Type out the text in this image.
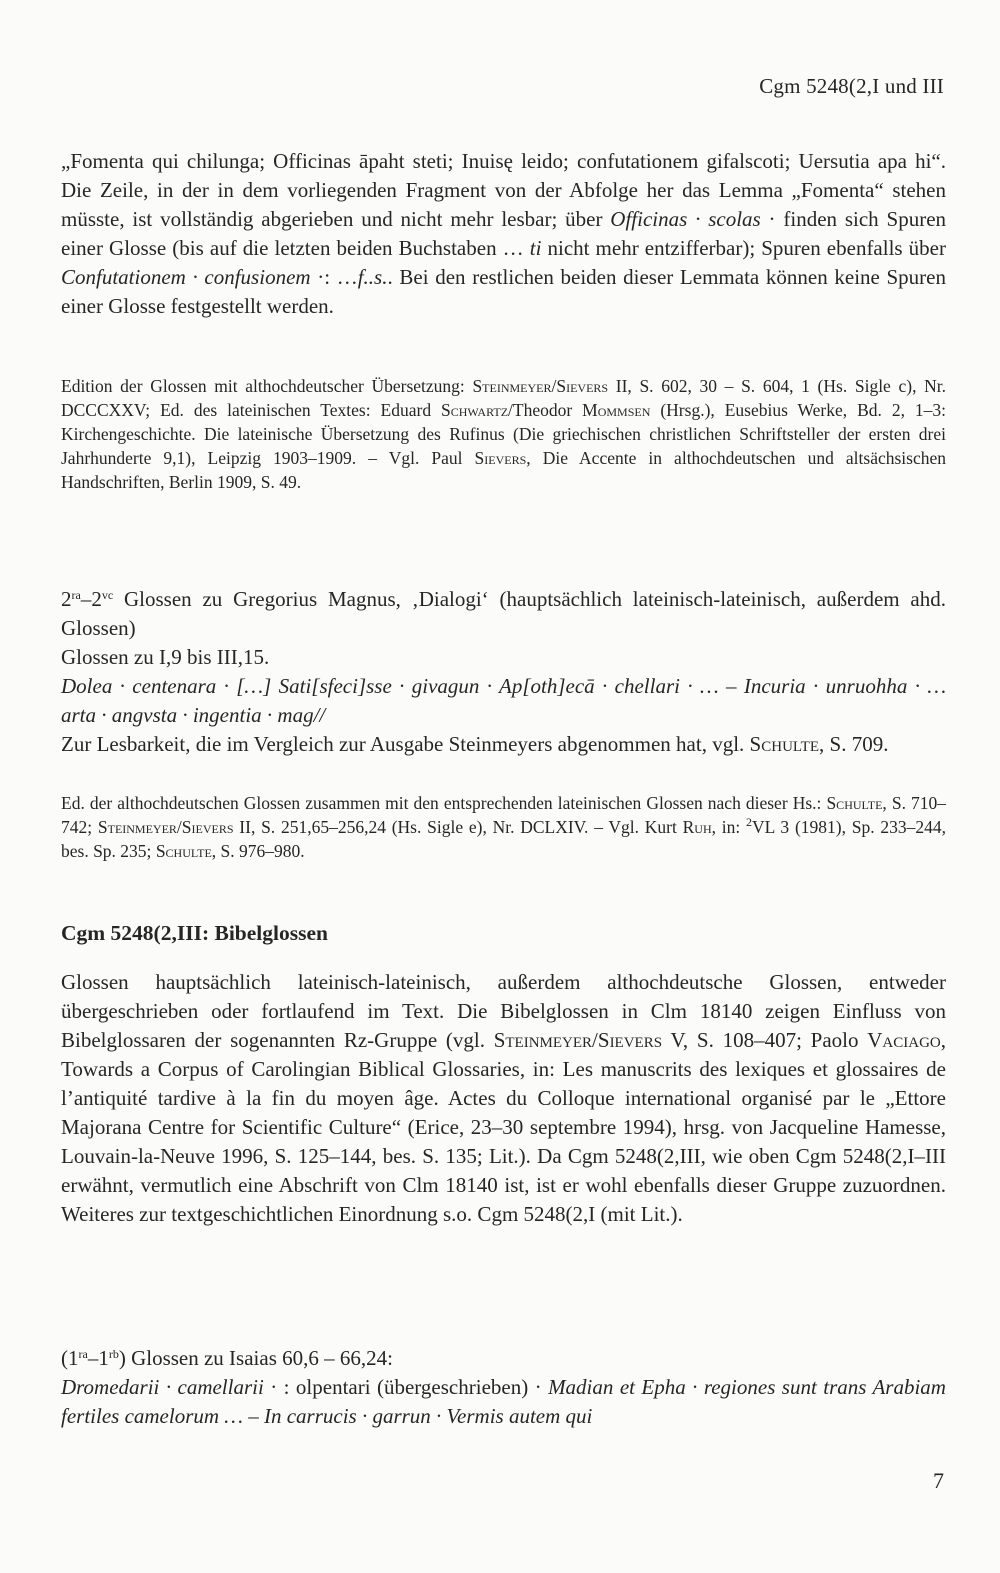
Cgm 5248(2,I und III

„Fomenta qui chilunga; Officinas āpaht steti; Inuisę leido; confutationem gifalscoti; Uersutia apa hi“. Die Zeile, in der in dem vorliegenden Fragment von der Abfolge her das Lemma „Fomenta“ stehen müsste, ist vollständig abgerieben und nicht mehr lesbar; über Officinas · scolas · finden sich Spuren einer Glosse (bis auf die letzten beiden Buchstaben … ti nicht mehr entzifferbar); Spuren ebenfalls über Confutationem · confusionem ·: …f..s.. Bei den restlichen beiden dieser Lemmata können keine Spuren einer Glosse festgestellt werden.

Edition der Glossen mit althochdeutscher Übersetzung: Steinmeyer/Sievers II, S. 602, 30 – S. 604, 1 (Hs. Sigle c), Nr. DCCCXXV; Ed. des lateinischen Textes: Eduard Schwartz/Theodor Mommsen (Hrsg.), Eusebius Werke, Bd. 2, 1–3: Kirchengeschichte. Die lateinische Übersetzung des Rufinus (Die griechischen christlichen Schriftsteller der ersten drei Jahrhunderte 9,1), Leipzig 1903–1909. – Vgl. Paul Sievers, Die Accente in althochdeutschen und altsächsischen Handschriften, Berlin 1909, S. 49.

$2^{ra}-2^{vc}$ Glossen zu Gregorius Magnus, ‚Dialogi‘ (hauptsächlich lateinisch-lateinisch, außerdem ahd. Glossen)
Glossen zu I,9 bis III,15.
Dolea · centenara · […] Sati[sfeci]sse · givagun · Ap[oth]ecā · chellari · … – Incuria · unruohha · … arta · angvsta · ingentia · mag//
Zur Lesbarkeit, die im Vergleich zur Ausgabe Steinmeyers abgenommen hat, vgl. Schulte, S. 709.

Ed. der althochdeutschen Glossen zusammen mit den entsprechenden lateinischen Glossen nach dieser Hs.: Schulte, S. 710–742; Steinmeyer/Sievers II, S. 251,65–256,24 (Hs. Sigle e), Nr. DCLXIV. – Vgl. Kurt Ruh, in: $^2$VL 3 (1981), Sp. 233–244, bes. Sp. 235; Schulte, S. 976–980.

Cgm 5248(2,III: Bibelglossen

Glossen hauptsächlich lateinisch-lateinisch, außerdem althochdeutsche Glossen, entweder übergeschrieben oder fortlaufend im Text. Die Bibelglossen in Clm 18140 zeigen Einfluss von Bibelglossaren der sogenannten Rz-Gruppe (vgl. Steinmeyer/Sievers V, S. 108–407; Paolo Vaciago, Towards a Corpus of Carolingian Biblical Glossaries, in: Les manuscrits des lexiques et glossaires de l’antiquité tardive à la fin du moyen âge. Actes du Colloque international organisé par le „Ettore Majorana Centre for Scientific Culture“ (Erice, 23–30 septembre 1994), hrsg. von Jacqueline Hamesse, Louvain-la-Neuve 1996, S. 125–144, bes. S. 135; Lit.). Da Cgm 5248(2,III, wie oben Cgm 5248(2,I–III erwähnt, vermutlich eine Abschrift von Clm 18140 ist, ist er wohl ebenfalls dieser Gruppe zuzuordnen. Weiteres zur textgeschichtlichen Einordnung s.o. Cgm 5248(2,I (mit Lit.).

$(1^{ra}-1^{rb})$ Glossen zu Isaias 60,6 – 66,24:
Dromedarii · camellarii · : olpentari (übergeschrieben) · Madian et Epha · regiones sunt trans Arabiam fertiles camelorum … – In carrucis · garrun · Vermis autem qui

7
